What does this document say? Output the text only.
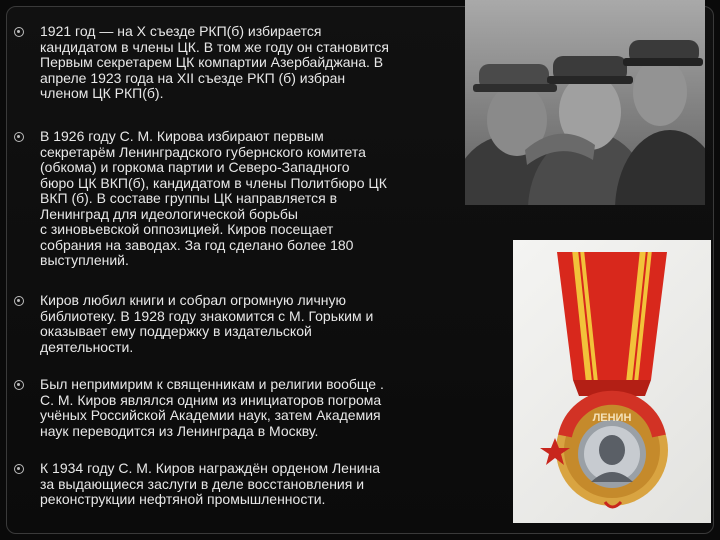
1921 год — на X съезде РКП(б) избирается
кандидатом в члены ЦК. В том же году он становится
Первым секретарем ЦК компартии Азербайджана. В
апреле 1923 года на XII съезде РКП (б) избран
членом ЦК РКП(б).

В 1926 году С. М. Кирова избирают первым
секретарём Ленинградского губернского комитета
(обкома) и горкома партии и Северо-Западного
бюро ЦК ВКП(б), кандидатом в члены Политбюро ЦК
ВКП (б). В составе группы ЦК направляется в
Ленинград для идеологической борьбы
с зиновьевской оппозицией. Киров посещает
собрания на заводах. За год сделано более 180
выступлений.

Киров любил книги и собрал огромную личную
библиотеку. В 1928 году знакомится с М. Горьким и
оказывает ему поддержку в издательской
деятельности.

Был непримирим к священникам и религии вообще .
С. М. Киров являлся одним из инициаторов погрома
учёных Российской Академии наук, затем Академия
наук переводится из Ленинграда в Москву.

К 1934 году С. М. Киров награждён орденом Ленина
за выдающиеся заслуги в деле восстановления и
реконструкции нефтяной промышленности.

ЛЕНИН
